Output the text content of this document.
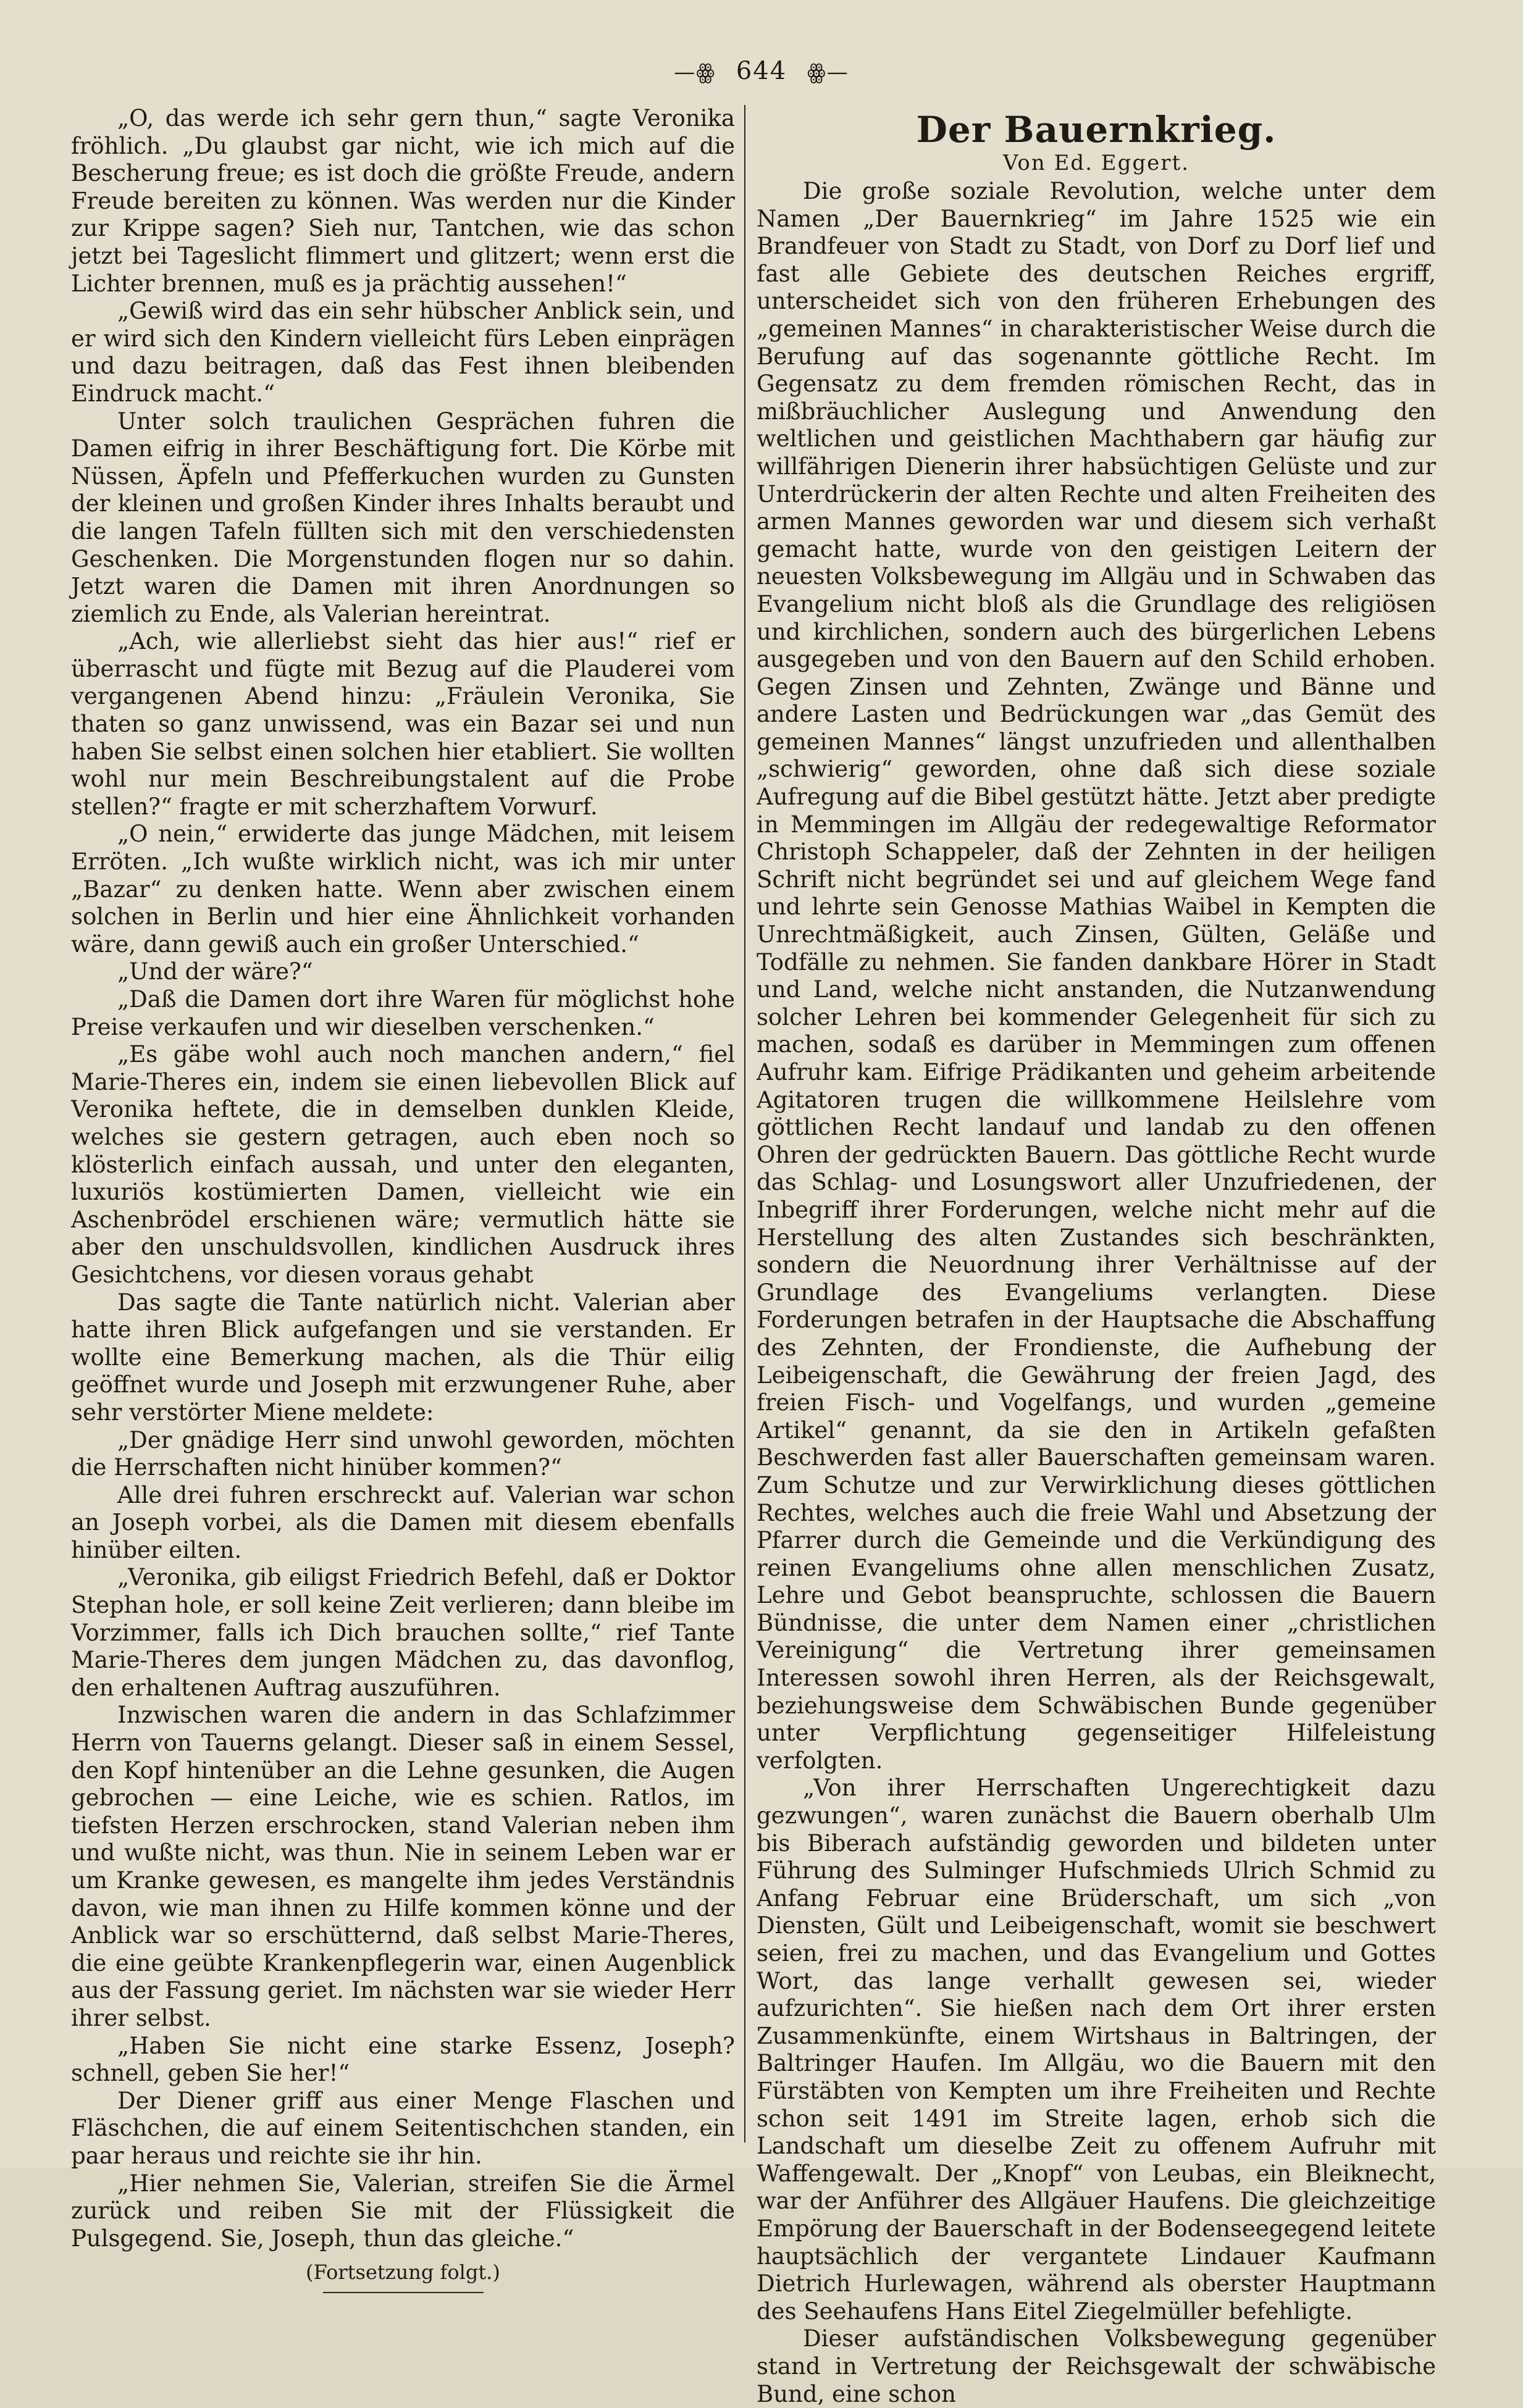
—ꙮ 644 ꙮ—

„O, das werde ich sehr gern thun,“ sagte Veronika fröhlich. „Du glaubst gar nicht, wie ich mich auf die Bescherung freue; es ist doch die größte Freude, andern Freude bereiten zu können. Was werden nur die Kinder zur Krippe sagen? Sieh nur, Tantchen, wie das schon jetzt bei Tageslicht flimmert und glitzert; wenn erst die Lichter brennen, muß es ja prächtig aussehen!“

„Gewiß wird das ein sehr hübscher Anblick sein, und er wird sich den Kindern vielleicht fürs Leben einprägen und dazu beitragen, daß das Fest ihnen bleibenden Eindruck macht.“

Unter solch traulichen Gesprächen fuhren die Damen eifrig in ihrer Beschäftigung fort. Die Körbe mit Nüssen, Äpfeln und Pfefferkuchen wurden zu Gunsten der kleinen und großen Kinder ihres Inhalts beraubt und die langen Tafeln füllten sich mit den verschiedensten Geschenken. Die Morgenstunden flogen nur so dahin. Jetzt waren die Damen mit ihren Anordnungen so ziemlich zu Ende, als Valerian hereintrat.

„Ach, wie allerliebst sieht das hier aus!“ rief er überrascht und fügte mit Bezug auf die Plauderei vom vergangenen Abend hinzu: „Fräulein Veronika, Sie thaten so ganz unwissend, was ein Bazar sei und nun haben Sie selbst einen solchen hier etabliert. Sie wollten wohl nur mein Beschreibungstalent auf die Probe stellen?“ fragte er mit scherzhaftem Vorwurf.

„O nein,“ erwiderte das junge Mädchen, mit leisem Erröten. „Ich wußte wirklich nicht, was ich mir unter „Bazar“ zu denken hatte. Wenn aber zwischen einem solchen in Berlin und hier eine Ähnlichkeit vorhanden wäre, dann gewiß auch ein großer Unterschied.“

„Und der wäre?“

„Daß die Damen dort ihre Waren für möglichst hohe Preise verkaufen und wir dieselben verschenken.“

„Es gäbe wohl auch noch manchen andern,“ fiel Marie-Theres ein, indem sie einen liebevollen Blick auf Veronika heftete, die in demselben dunklen Kleide, welches sie gestern getragen, auch eben noch so klösterlich einfach aussah, und unter den eleganten, luxuriös kostümierten Damen, vielleicht wie ein Aschenbrödel erschienen wäre; vermutlich hätte sie aber den unschuldsvollen, kindlichen Ausdruck ihres Gesichtchens, vor diesen voraus gehabt

Das sagte die Tante natürlich nicht. Valerian aber hatte ihren Blick aufgefangen und sie verstanden. Er wollte eine Bemerkung machen, als die Thür eilig geöffnet wurde und Joseph mit erzwungener Ruhe, aber sehr verstörter Miene meldete:

„Der gnädige Herr sind unwohl geworden, möchten die Herrschaften nicht hinüber kommen?“

Alle drei fuhren erschreckt auf. Valerian war schon an Joseph vorbei, als die Damen mit diesem ebenfalls hinüber eilten.

„Veronika, gib eiligst Friedrich Befehl, daß er Doktor Stephan hole, er soll keine Zeit verlieren; dann bleibe im Vorzimmer, falls ich Dich brauchen sollte,“ rief Tante Marie-Theres dem jungen Mädchen zu, das davonflog, den erhaltenen Auftrag auszuführen.

Inzwischen waren die andern in das Schlafzimmer Herrn von Tauerns gelangt. Dieser saß in einem Sessel, den Kopf hintenüber an die Lehne gesunken, die Augen gebrochen — eine Leiche, wie es schien. Ratlos, im tiefsten Herzen erschrocken, stand Valerian neben ihm und wußte nicht, was thun. Nie in seinem Leben war er um Kranke gewesen, es mangelte ihm jedes Verständnis davon, wie man ihnen zu Hilfe kommen könne und der Anblick war so erschütternd, daß selbst Marie-Theres, die eine geübte Krankenpflegerin war, einen Augenblick aus der Fassung geriet. Im nächsten war sie wieder Herr ihrer selbst.

„Haben Sie nicht eine starke Essenz, Joseph? schnell, geben Sie her!“

Der Diener griff aus einer Menge Flaschen und Fläschchen, die auf einem Seitentischchen standen, ein paar heraus und reichte sie ihr hin.

„Hier nehmen Sie, Valerian, streifen Sie die Ärmel zurück und reiben Sie mit der Flüssigkeit die Pulsgegend. Sie, Joseph, thun das gleiche.“

(Fortsetzung folgt.)
Der Bauernkrieg.
Von Ed. Eggert.

Die große soziale Revolution, welche unter dem Namen „Der Bauernkrieg“ im Jahre 1525 wie ein Brandfeuer von Stadt zu Stadt, von Dorf zu Dorf lief und fast alle Gebiete des deutschen Reiches ergriff, unterscheidet sich von den früheren Erhebungen des „gemeinen Mannes“ in charakteristischer Weise durch die Berufung auf das sogenannte göttliche Recht. Im Gegensatz zu dem fremden römischen Recht, das in mißbräuchlicher Auslegung und Anwendung den weltlichen und geistlichen Machthabern gar häufig zur willfährigen Dienerin ihrer habsüchtigen Gelüste und zur Unterdrückerin der alten Rechte und alten Freiheiten des armen Mannes geworden war und diesem sich verhaßt gemacht hatte, wurde von den geistigen Leitern der neuesten Volksbewegung im Allgäu und in Schwaben das Evangelium nicht bloß als die Grundlage des religiösen und kirchlichen, sondern auch des bürgerlichen Lebens ausgegeben und von den Bauern auf den Schild erhoben. Gegen Zinsen und Zehnten, Zwänge und Bänne und andere Lasten und Bedrückungen war „das Gemüt des gemeinen Mannes“ längst unzufrieden und allenthalben „schwierig“ geworden, ohne daß sich diese soziale Aufregung auf die Bibel gestützt hätte. Jetzt aber predigte in Memmingen im Allgäu der redegewaltige Reformator Christoph Schappeler, daß der Zehnten in der heiligen Schrift nicht begründet sei und auf gleichem Wege fand und lehrte sein Genosse Mathias Waibel in Kempten die Unrechtmäßigkeit, auch Zinsen, Gülten, Geläße und Todfälle zu nehmen. Sie fanden dankbare Hörer in Stadt und Land, welche nicht anstanden, die Nutzanwendung solcher Lehren bei kommender Gelegenheit für sich zu machen, sodaß es darüber in Memmingen zum offenen Aufruhr kam. Eifrige Prädikanten und geheim arbeitende Agitatoren trugen die willkommene Heilslehre vom göttlichen Recht landauf und landab zu den offenen Ohren der gedrückten Bauern. Das göttliche Recht wurde das Schlag- und Losungswort aller Unzufriedenen, der Inbegriff ihrer Forderungen, welche nicht mehr auf die Herstellung des alten Zustandes sich beschränkten, sondern die Neuordnung ihrer Verhältnisse auf der Grundlage des Evangeliums verlangten. Diese Forderungen betrafen in der Hauptsache die Abschaffung des Zehnten, der Frondienste, die Aufhebung der Leibeigenschaft, die Gewährung der freien Jagd, des freien Fisch- und Vogelfangs, und wurden „gemeine Artikel“ genannt, da sie den in Artikeln gefaßten Beschwerden fast aller Bauerschaften gemeinsam waren. Zum Schutze und zur Verwirklichung dieses göttlichen Rechtes, welches auch die freie Wahl und Absetzung der Pfarrer durch die Gemeinde und die Verkündigung des reinen Evangeliums ohne allen menschlichen Zusatz, Lehre und Gebot beanspruchte, schlossen die Bauern Bündnisse, die unter dem Namen einer „christlichen Vereinigung“ die Vertretung ihrer gemeinsamen Interessen sowohl ihren Herren, als der Reichsgewalt, beziehungsweise dem Schwäbischen Bunde gegenüber unter Verpflichtung gegenseitiger Hilfeleistung verfolgten.

„Von ihrer Herrschaften Ungerechtigkeit dazu gezwungen“, waren zunächst die Bauern oberhalb Ulm bis Biberach aufständig geworden und bildeten unter Führung des Sulminger Hufschmieds Ulrich Schmid zu Anfang Februar eine Brüderschaft, um sich „von Diensten, Gült und Leibeigenschaft, womit sie beschwert seien, frei zu machen, und das Evangelium und Gottes Wort, das lange verhallt gewesen sei, wieder aufzurichten“. Sie hießen nach dem Ort ihrer ersten Zusammenkünfte, einem Wirtshaus in Baltringen, der Baltringer Haufen. Im Allgäu, wo die Bauern mit den Fürstäbten von Kempten um ihre Freiheiten und Rechte schon seit 1491 im Streite lagen, erhob sich die Landschaft um dieselbe Zeit zu offenem Aufruhr mit Waffengewalt. Der „Knopf“ von Leubas, ein Bleiknecht, war der Anführer des Allgäuer Haufens. Die gleichzeitige Empörung der Bauerschaft in der Bodenseegegend leitete hauptsächlich der vergantete Lindauer Kaufmann Dietrich Hurlewagen, während als oberster Hauptmann des Seehaufens Hans Eitel Ziegelmüller befehligte.

Dieser aufständischen Volksbewegung gegenüber stand in Vertretung der Reichsgewalt der schwäbische Bund, eine schon
